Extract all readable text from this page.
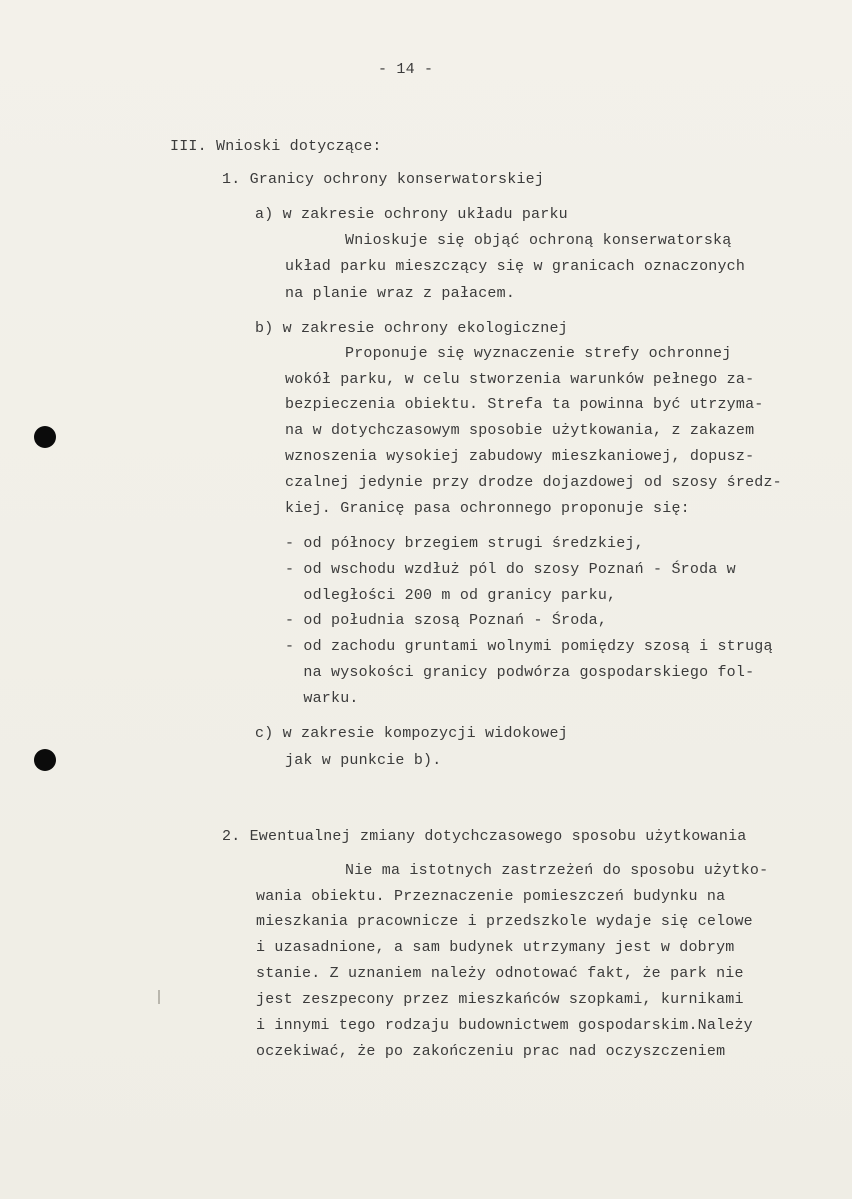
- 14 -
III. Wnioski dotyczące:
1. Granicy ochrony konserwatorskiej
a) w zakresie ochrony układu parku
Wnioskuje się objąć ochroną konserwatorską
układ parku mieszczący się w granicach oznaczonych
na planie wraz z pałacem.
b) w zakresie ochrony ekologicznej
Proponuje się wyznaczenie strefy ochronnej
wokół parku, w celu stworzenia warunków pełnego za-
bezpieczenia obiektu. Strefa ta powinna być utrzyma-
na w dotychczasowym sposobie użytkowania, z zakazem
wznoszenia wysokiej zabudowy mieszkaniowej, dopusz-
czalnej jedynie przy drodze dojazdowej od szosy średz-
kiej. Granicę pasa ochronnego proponuje się:
- od północy brzegiem strugi średzkiej,
- od wschodu wzdłuż pól do szosy Poznań - Środa w
odległości 200 m od granicy parku,
- od południa szosą Poznań - Środa,
- od zachodu gruntami wolnymi pomiędzy szosą i strugą
na wysokości granicy podwórza gospodarskiego fol-
warku.
c) w zakresie kompozycji widokowej
jak w punkcie b).
2. Ewentualnej zmiany dotychczasowego sposobu użytkowania
Nie ma istotnych zastrzeżeń do sposobu użytko-
wania obiektu. Przeznaczenie pomieszczeń budynku na
mieszkania pracownicze i przedszkole wydaje się celowe
i uzasadnione, a sam budynek utrzymany jest w dobrym
stanie. Z uznaniem należy odnotować fakt, że park nie
jest zeszpecony przez mieszkańców szopkami, kurnikami
i innymi tego rodzaju budownictwem gospodarskim.Należy
oczekiwać, że po zakończeniu prac nad oczyszczeniem
